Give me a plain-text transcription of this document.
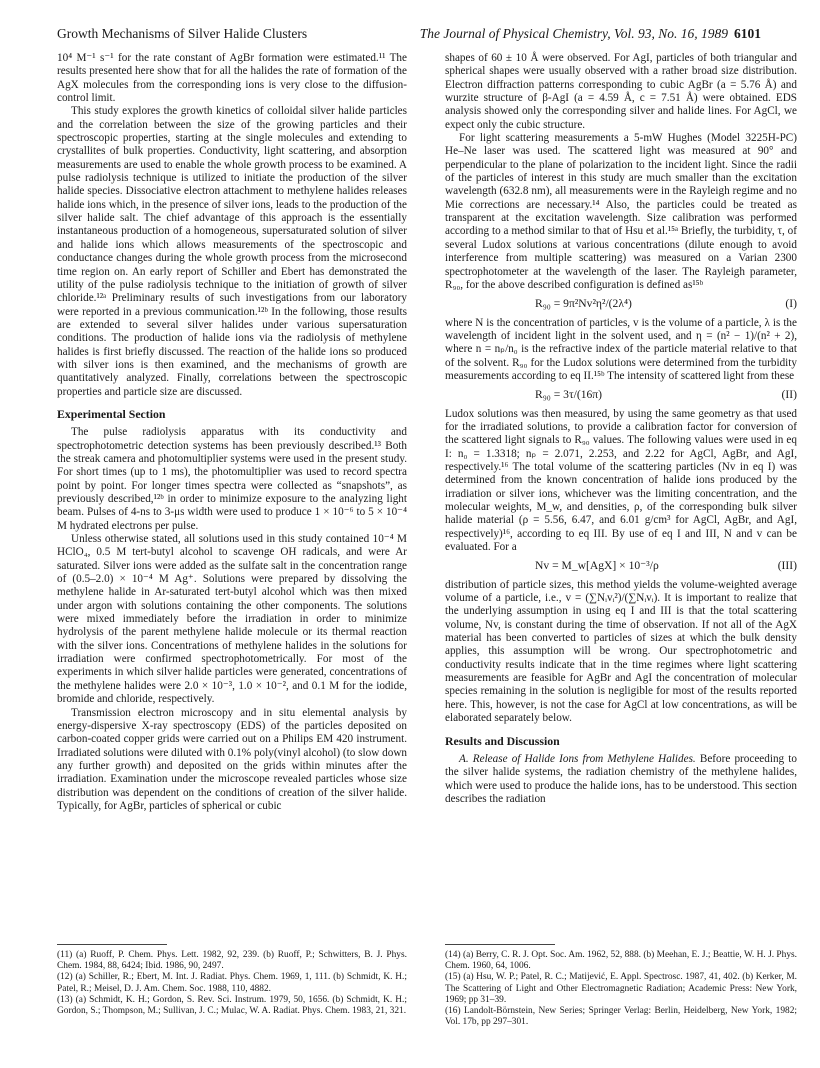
Growth Mechanisms of Silver Halide Clusters	The Journal of Physical Chemistry, Vol. 93, No. 16, 1989 6101

10⁴ M⁻¹ s⁻¹ for the rate constant of AgBr formation were estimated.¹¹ The results presented here show that for all the halides the rate of formation of the AgX molecules from the corresponding ions is very close to the diffusion-control limit.

This study explores the growth kinetics of colloidal silver halide particles and the correlation between the size of the growing particles and their spectroscopic properties, starting at the single molecules and extending to crystallites of bulk properties. Conductivity, light scattering, and absorption measurements are used to enable the whole growth process to be examined. A pulse radiolysis technique is utilized to initiate the production of the silver halide species. Dissociative electron attachment to methylene halides releases halide ions which, in the presence of silver ions, leads to the production of the silver halide salt. The chief advantage of this approach is the essentially instantaneous production of a homogeneous, supersaturated solution of silver and halide ions which allows measurements of the spectroscopic and conductance changes during the whole growth process from the microsecond time region on. An early report of Schiller and Ebert has demonstrated the utility of the pulse radiolysis technique to the initiation of growth of silver chloride.¹²ᵃ Preliminary results of such investigations from our laboratory were reported in a previous communication.¹²ᵇ In the following, those results are extended to several silver halides under various supersaturation conditions. The production of halide ions via the radiolysis of methylene halides is first briefly discussed. The reaction of the halide ions so produced with silver ions is then examined, and the mechanisms of growth are quantitatively analyzed. Finally, correlations between the spectroscopic properties and particle size are discussed.

Experimental Section

The pulse radiolysis apparatus with its conductivity and spectrophotometric detection systems has been previously described.¹³ Both the streak camera and photomultiplier systems were used in the present study. For short times (up to 1 ms), the photomultiplier was used to record spectra point by point. For longer times spectra were collected as “snapshots”, as previously described,¹²ᵇ in order to minimize exposure to the analyzing light beam. Pulses of 4-ns to 3-μs width were used to produce 1 × 10⁻⁶ to 5 × 10⁻⁴ M hydrated electrons per pulse.

Unless otherwise stated, all solutions used in this study contained 10⁻⁴ M HClO₄, 0.5 M tert-butyl alcohol to scavenge OH radicals, and were Ar saturated. Silver ions were added as the sulfate salt in the concentration range of (0.5–2.0) × 10⁻⁴ M Ag⁺. Solutions were prepared by dissolving the methylene halide in Ar-saturated tert-butyl alcohol which was then mixed under argon with solutions containing the other components. The solutions were mixed immediately before the irradiation in order to minimize hydrolysis of the parent methylene halide molecule or its thermal reaction with the silver ions. Concentrations of methylene halides in the solutions for irradiation were confirmed spectrophotometrically. For most of the experiments in which silver halide particles were generated, concentrations of the methylene halides were 2.0 × 10⁻³, 1.0 × 10⁻², and 0.1 M for the iodide, bromide and chloride, respectively.

Transmission electron microscopy and in situ elemental analysis by energy-dispersive X-ray spectroscopy (EDS) of the particles deposited on carbon-coated copper grids were carried out on a Philips EM 420 instrument. Irradiated solutions were diluted with 0.1% poly(vinyl alcohol) (to slow down any further growth) and deposited on the grids within minutes after the irradiation. Examination under the microscope revealed particles whose size distribution was dependent on the conditions of creation of the silver halide. Typically, for AgBr, particles of spherical or cubic

shapes of 60 ± 10 Å were observed. For AgI, particles of both triangular and spherical shapes were usually observed with a rather broad size distribution. Electron diffraction patterns corresponding to cubic AgBr (a = 5.76 Å) and wurzite structure of β-AgI (a = 4.59 Å, c = 7.51 Å) were obtained. EDS analysis showed only the corresponding silver and halide lines. For AgCl, we expect only the cubic structure.

For light scattering measurements a 5-mW Hughes (Model 3225H-PC) He–Ne laser was used. The scattered light was measured at 90° and perpendicular to the plane of polarization to the incident light. Since the radii of the particles of interest in this study are much smaller than the excitation wavelength (632.8 nm), all measurements were in the Rayleigh regime and no Mie corrections are necessary.¹⁴ Also, the particles could be treated as transparent at the excitation wavelength. Size calibration was performed according to a method similar to that of Hsu et al.¹⁵ᵃ Briefly, the turbidity, τ, of several Ludox solutions at various concentrations (dilute enough to avoid interference from multiple scattering) was measured on a Varian 2300 spectrophotometer at the wavelength of the laser. The Rayleigh parameter, R₉₀, for the above described configuration is defined as¹⁵ᵇ

R₉₀ = 9π²Nv²η²/(2λ⁴)	(I)

where N is the concentration of particles, v is the volume of a particle, λ is the wavelength of incident light in the solvent used, and η = (n² − 1)/(n² + 2), where n = nₚ/n₀ is the refractive index of the particle material relative to that of the solvent. R₉₀ for the Ludox solutions were determined from the turbidity measurements according to eq II.¹⁵ᵇ The intensity of scattered light from these

R₉₀ = 3τ/(16π)	(II)

Ludox solutions was then measured, by using the same geometry as that used for the irradiated solutions, to provide a calibration factor for conversion of the scattered light signals to R₉₀ values. The following values were used in eq I: n₀ = 1.3318; nₚ = 2.071, 2.253, and 2.22 for AgCl, AgBr, and AgI, respectively.¹⁶ The total volume of the scattering particles (Nv in eq I) was determined from the known concentration of halide ions produced by the irradiation or silver ions, whichever was the limiting concentration, and the molecular weights, M_w, and densities, ρ, of the corresponding bulk silver halide material (ρ = 5.56, 6.47, and 6.01 g/cm³ for AgCl, AgBr, and AgI, respectively)¹⁶, according to eq III. By use of eq I and III, N and v can be evaluated. For a

Nv = M_w[AgX] × 10⁻³/ρ	(III)

distribution of particle sizes, this method yields the volume-weighted average volume of a particle, i.e., v = (∑Nᵢvᵢ²)/(∑Nᵢvᵢ). It is important to realize that the underlying assumption in using eq I and III is that the total scattering volume, Nv, is constant during the time of observation. If not all of the AgX material has been converted to particles of sizes at which the bulk density applies, this assumption will be wrong. Our spectrophotometric and conductivity results indicate that in the time regimes where light scattering measurements are feasible for AgBr and AgI the concentration of molecular species remaining in the solution is negligible for most of the results reported here. This, however, is not the case for AgCl at low concentrations, as will be elaborated separately below.

Results and Discussion

A. Release of Halide Ions from Methylene Halides. Before proceeding to the silver halide systems, the radiation chemistry of the methylene halides, which were used to produce the halide ions, has to be understood. This section describes the radiation

(11) (a) Ruoff, P. Chem. Phys. Lett. 1982, 92, 239. (b) Ruoff, P.; Schwitters, B. J. Phys. Chem. 1984, 88, 6424; Ibid. 1986, 90, 2497.

(12) (a) Schiller, R.; Ebert, M. Int. J. Radiat. Phys. Chem. 1969, 1, 111. (b) Schmidt, K. H.; Patel, R.; Meisel, D. J. Am. Chem. Soc. 1988, 110, 4882.

(13) (a) Schmidt, K. H.; Gordon, S. Rev. Sci. Instrum. 1979, 50, 1656. (b) Schmidt, K. H.; Gordon, S.; Thompson, M.; Sullivan, J. C.; Mulac, W. A. Radiat. Phys. Chem. 1983, 21, 321.

(14) (a) Berry, C. R. J. Opt. Soc. Am. 1962, 52, 888. (b) Meehan, E. J.; Beattie, W. H. J. Phys. Chem. 1960, 64, 1006.

(15) (a) Hsu, W. P.; Patel, R. C.; Matijević, E. Appl. Spectrosc. 1987, 41, 402. (b) Kerker, M. The Scattering of Light and Other Electromagnetic Radiation; Academic Press: New York, 1969; pp 31–39.

(16) Landolt-Börnstein, New Series; Springer Verlag: Berlin, Heidelberg, New York, 1982; Vol. 17b, pp 297–301.
